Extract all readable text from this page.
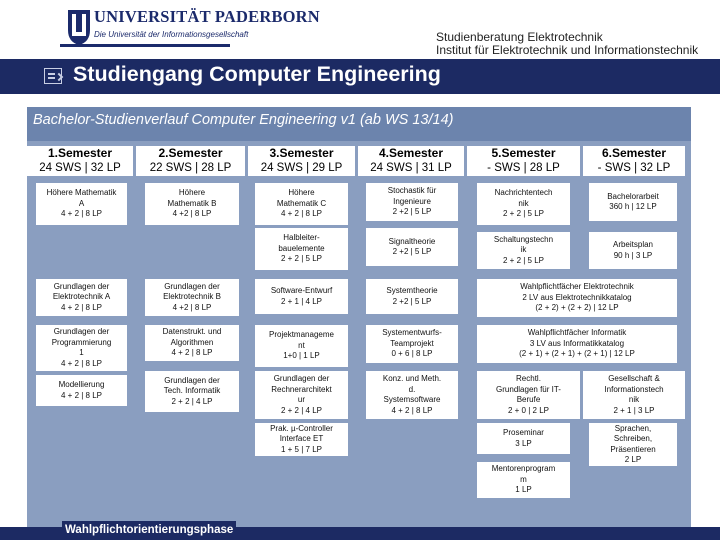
UNIVERSITÄT PADERBORN
Die Universität der Informationsgesellschaft	Studienberatung Elektrotechnik
Institut für Elektrotechnik und Informationstechnik
Studiengang Computer Engineering
Bachelor-Studienverlauf Computer Engineering v1 (ab WS 13/14)
1.Semester
24 SWS | 32 LP
2.Semester
22 SWS | 28 LP
3.Semester
24 SWS | 29 LP
4.Semester
24 SWS | 31 LP
5.Semester
- SWS | 28 LP
6.Semester
- SWS | 32 LP
Höhere Mathematik
A
4 + 2 | 8 LP
Grundlagen der
Elektrotechnik A
4 + 2 | 8 LP
Grundlagen der
Programmierung
1
4 + 2 | 8 LP
Modellierung
4 + 2 | 8 LP
Höhere
Mathematik B
4 +2 | 8 LP
Grundlagen der
Elektrotechnik B
4 +2 | 8 LP
Datenstrukt. und
Algorithmen
4 + 2 | 8 LP
Grundlagen der
Tech. Informatik
2 + 2 | 4 LP
Höhere
Mathematik C
4 + 2 | 8 LP
Halbleiter-
bauelemente
2 + 2 | 5 LP
Software-Entwurf
2 + 1 | 4 LP
Projektmanageme
nt
1+0 | 1 LP
Grundlagen der
Rechnerarchitekt
ur
2 + 2 | 4 LP
Prak. µ-Controller
Interface ET
1 + 5 | 7 LP
Stochastik für
Ingenieure
2 +2 | 5 LP
Signaltheorie
2 +2 | 5 LP
Systemtheorie
2 +2 | 5 LP
Systementwurfs-
Teamprojekt
0 + 6 | 8 LP
Konz. und Meth.
d.
Systemsoftware
4 + 2 | 8 LP
Nachrichtentech
nik
2 + 2 | 5 LP
Schaltungstechn
ik
2 + 2 | 5 LP
Rechtl.
Grundlagen für IT-
Berufe
2 + 0 | 2 LP
Proseminar
3 LP
Mentorenprogram
m
1 LP
Bachelorarbeit
360 h | 12 LP
Arbeitsplan
90 h | 3 LP
Gesellschaft &
Informationstech
nik
2 + 1 | 3 LP
Sprachen,
Schreiben,
Präsentieren
2 LP
Wahlpflichtfächer Elektrotechnik
2 LV aus Elektrotechnikkatalog
(2 + 2) + (2 + 2) | 12 LP
Wahlpflichtfächer Informatik
3 LV aus Informatikkatalog
(2 + 1) + (2 + 1) + (2 + 1) | 12 LP
Wahlpflichtorientierungsphase
